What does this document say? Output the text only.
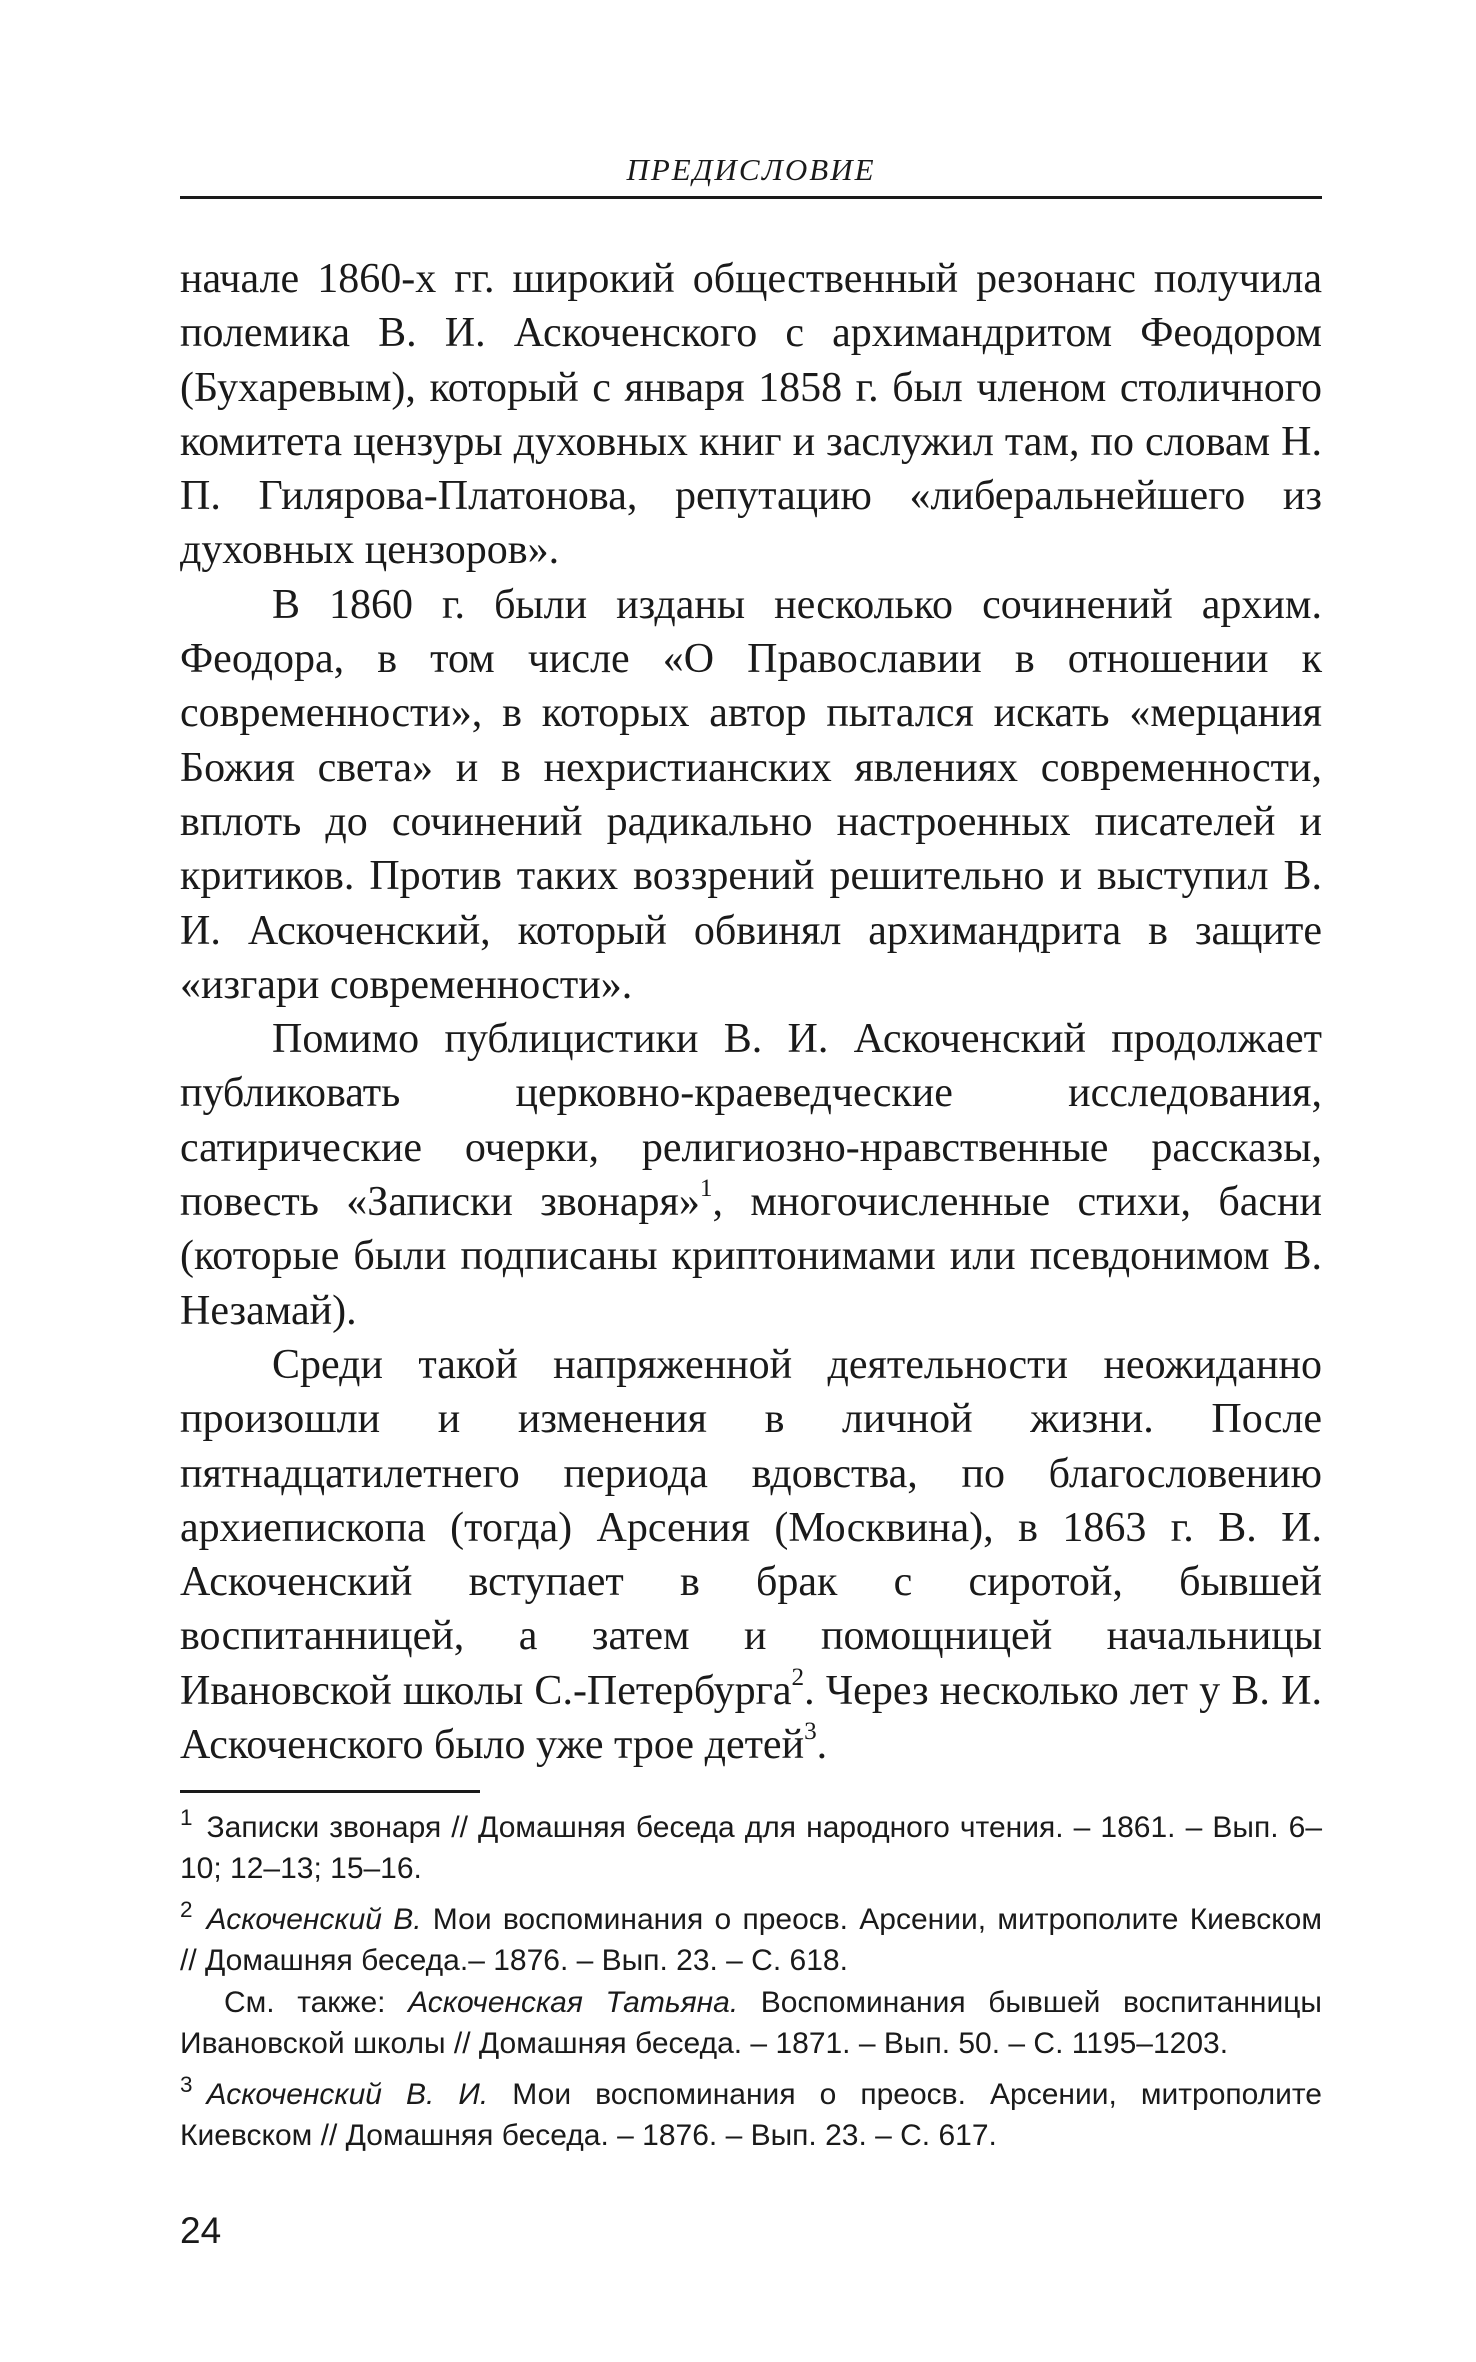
ПРЕДИСЛОВИЕ

начале 1860-х гг. широкий общественный резонанс получила полемика В. И. Аскоченского с архимандритом Феодором (Бухаревым), который с января 1858 г. был членом столичного комитета цензуры духовных книг и заслужил там, по словам Н. П. Гилярова-Платонова, репутацию «либеральнейшего из духовных цензоров».

В 1860 г. были изданы несколько сочинений архим. Феодора, в том числе «О Православии в отношении к современности», в которых автор пытался искать «мерцания Божия света» и в нехристианских явлениях современности, вплоть до сочинений радикально настроенных писателей и критиков. Против таких воззрений решительно и выступил В. И. Аскоченский, который обвинял архимандрита в защите «изгари современности».

Помимо публицистики В. И. Аскоченский продолжает публиковать церковно-краеведческие исследования, сатирические очерки, религиозно-нравственные рассказы, повесть «Записки звонаря»$^1$, многочисленные стихи, басни (которые были подписаны криптонимами или псевдонимом В. Незамай).

Среди такой напряженной деятельности неожиданно произошли и изменения в личной жизни. После пятнадцатилетнего периода вдовства, по благословению архиепископа (тогда) Арсения (Москвина), в 1863 г. В. И. Аскоченский вступает в брак с сиротой, бывшей воспитанницей, а затем и помощницей начальницы Ивановской школы С.-Петербурга$^2$. Через несколько лет у В. И. Аскоченского было уже трое детей$^3$.

$^1$ Записки звонаря // Домашняя беседа для народного чтения. – 1861. – Вып. 6–10; 12–13; 15–16.

$^2$ Аскоченский В. Мои воспоминания о преосв. Арсении, митрополите Киевском // Домашняя беседа.– 1876. – Вып. 23. – С. 618.

См. также: Аскоченская Татьяна. Воспоминания бывшей воспитанницы Ивановской школы // Домашняя беседа. – 1871. – Вып. 50. – С. 1195–1203.

$^3$ Аскоченский В. И. Мои воспоминания о преосв. Арсении, митрополите Киевском // Домашняя беседа. – 1876. – Вып. 23. – С. 617.

24
